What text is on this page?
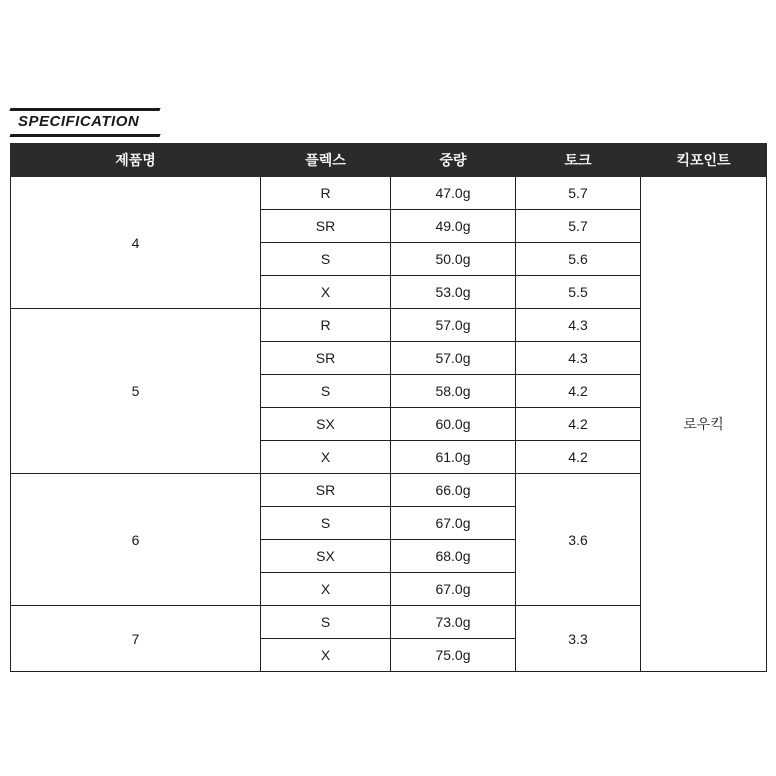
SPECIFICATION
제품명	플렉스	중량	토크	킥포인트
4	R	47.0g	5.7	로우킥
	SR	49.0g	5.7	
	S	50.0g	5.6	
	X	53.0g	5.5	
5	R	57.0g	4.3	
	SR	57.0g	4.3	
	S	58.0g	4.2	
	SX	60.0g	4.2	
	X	61.0g	4.2	
6	SR	66.0g	3.6	
	S	67.0g		
	SX	68.0g		
	X	67.0g		
7	S	73.0g	3.3	
	X	75.0g		
